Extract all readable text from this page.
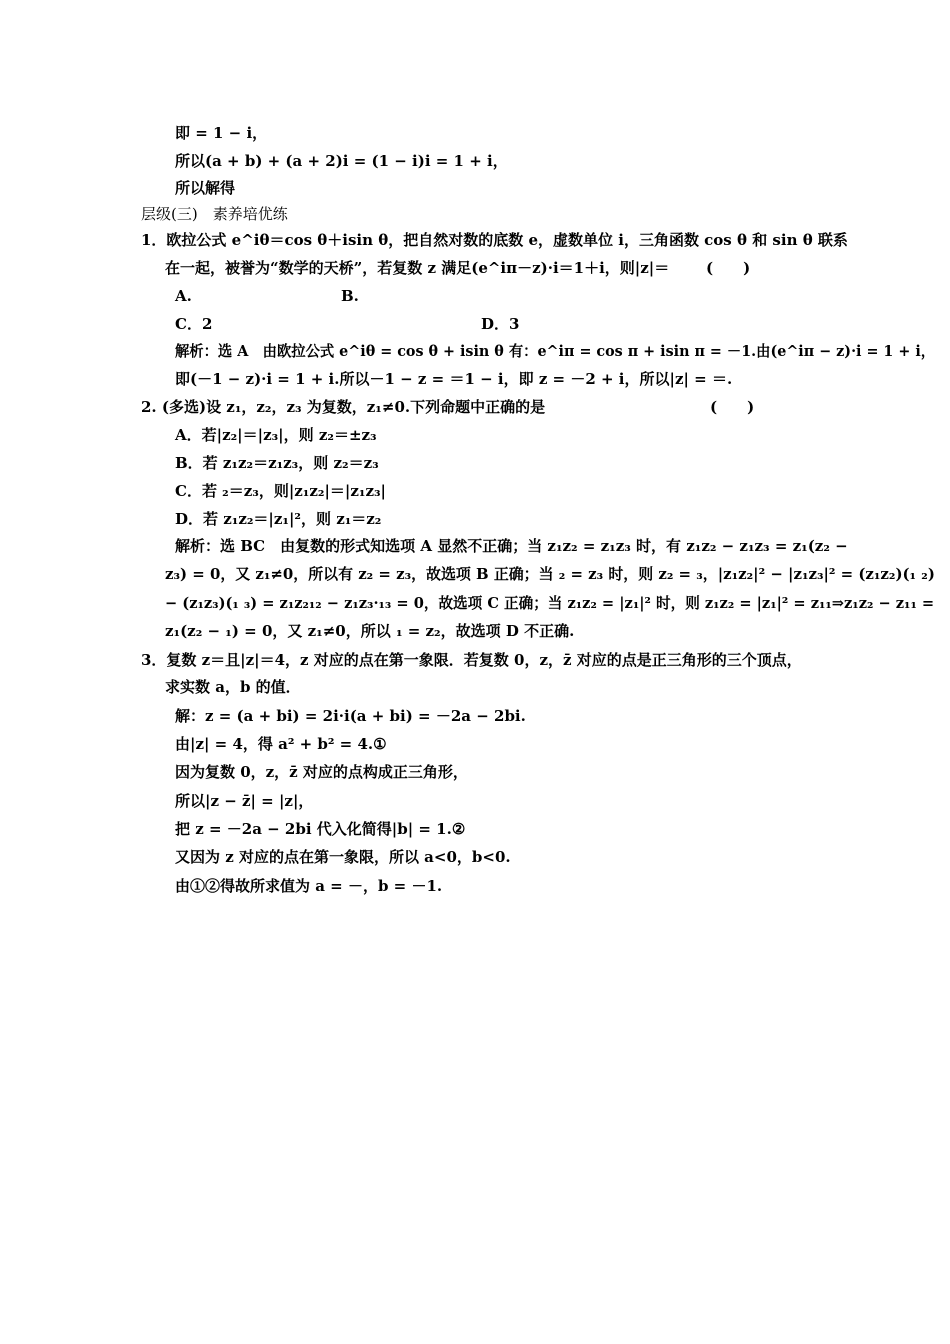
即 = 1 − i，
所以(a + b) + (a + 2)i = (1 − i)i = 1 + i，
所以解得
层级(三)　素养培优练
1．欧拉公式 e^iθ＝cos θ＋isin θ，把自然对数的底数 e，虚数单位 i，三角函数 cos θ 和 sin θ 联系
在一起，被誉为“数学的天桥”，若复数 z 满足(e^iπ－z)·i＝1＋i，则|z|＝ (　　)
A.	B.
C．2	D．3
解析：选 A　由欧拉公式 e^iθ = cos θ + isin θ 有：e^iπ = cos π + isin π = －1.由(e^iπ − z)·i = 1 + i，
即(－1 − z)·i = 1 + i.所以－1 − z = ＝1 − i，即 z = －2 + i，所以|z| = ＝.
2. (多选)设 z₁，z₂，z₃ 为复数，z₁≠0.下列命题中正确的是	(　　)
A．若|z₂|＝|z₃|，则 z₂＝±z₃
B．若 z₁z₂＝z₁z₃，则 z₂＝z₃
C．若 ₂＝z₃，则|z₁z₂|＝|z₁z₃|
D．若 z₁z₂＝|z₁|²，则 z₁＝z₂
解析：选 BC　由复数的形式知选项 A 显然不正确；当 z₁z₂ = z₁z₃ 时，有 z₁z₂ − z₁z₃ = z₁(z₂ −
z₃) = 0，又 z₁≠0，所以有 z₂ = z₃，故选项 B 正确；当 ₂ = z₃ 时，则 z₂ = ₃，|z₁z₂|² − |z₁z₃|² = (z₁z₂)(₁ ₂)
− (z₁z₃)(₁ ₃) = z₁z₂₁₂ − z₁z₃·₁₃ = 0，故选项 C 正确；当 z₁z₂ = |z₁|² 时，则 z₁z₂ = |z₁|² = z₁₁⇒z₁z₂ − z₁₁ =
z₁(z₂ − ₁) = 0，又 z₁≠0，所以 ₁ = z₂，故选项 D 不正确.
3．复数 z＝且|z|＝4，z 对应的点在第一象限．若复数 0，z，z̄ 对应的点是正三角形的三个顶点，
求实数 a，b 的值．
解：z = (a + bi) = 2i·i(a + bi) = －2a − 2bi.
由|z| = 4，得 a² + b² = 4.①
因为复数 0，z，z̄ 对应的点构成正三角形，
所以|z − z̄| = |z|，
把 z = －2a − 2bi 代入化简得|b| = 1.②
又因为 z 对应的点在第一象限，所以 a<0，b<0.
由①②得故所求值为 a = －，b = －1.
